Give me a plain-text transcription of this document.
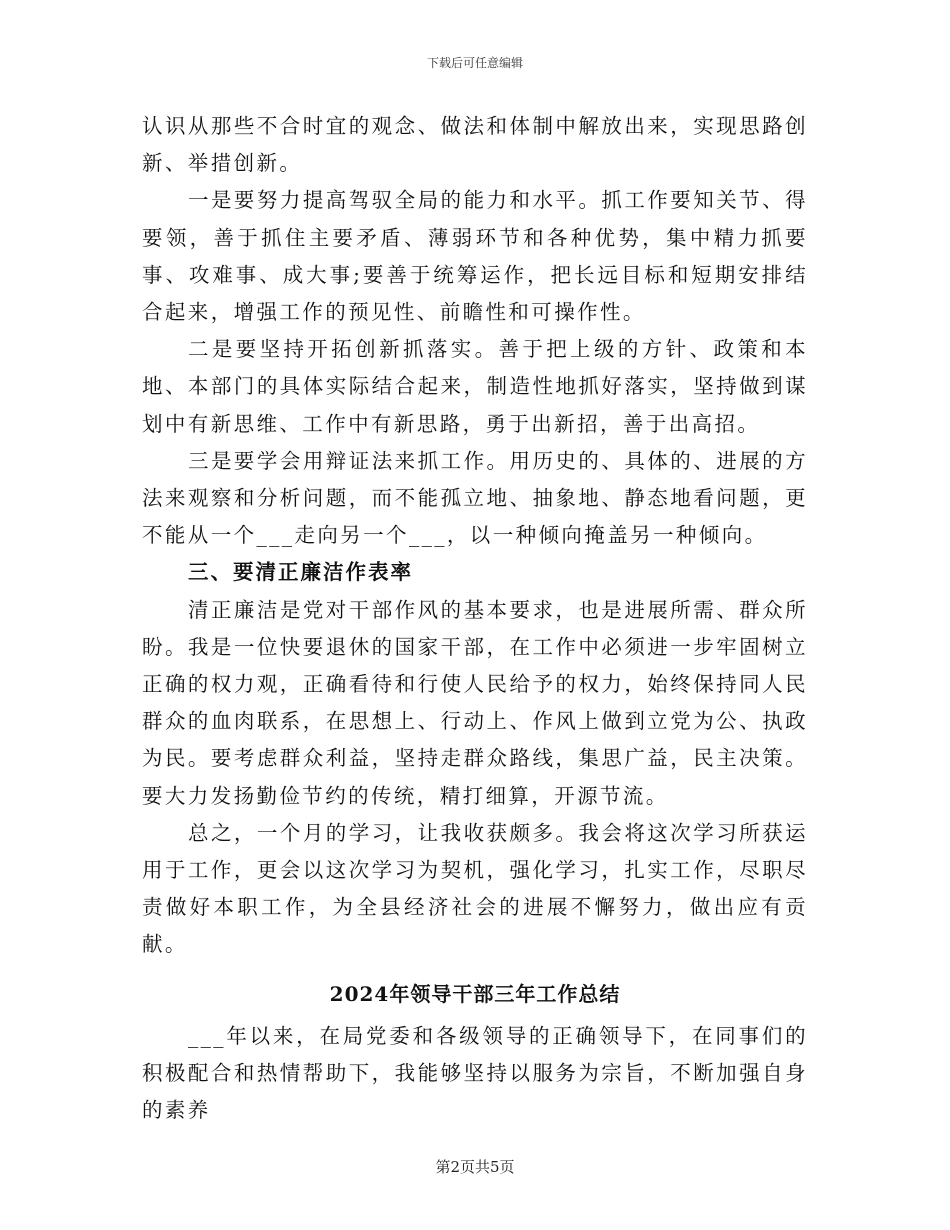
下载后可任意编辑

认识从那些不合时宜的观念、做法和体制中解放出来，实现思路创新、举措创新。

一是要努力提高驾驭全局的能力和水平。抓工作要知关节、得要领，善于抓住主要矛盾、薄弱环节和各种优势，集中精力抓要事、攻难事、成大事;要善于统筹运作，把长远目标和短期安排结合起来，增强工作的预见性、前瞻性和可操作性。

二是要坚持开拓创新抓落实。善于把上级的方针、政策和本地、本部门的具体实际结合起来，制造性地抓好落实，坚持做到谋划中有新思维、工作中有新思路，勇于出新招，善于出高招。

三是要学会用辩证法来抓工作。用历史的、具体的、进展的方法来观察和分析问题，而不能孤立地、抽象地、静态地看问题，更不能从一个___走向另一个___，以一种倾向掩盖另一种倾向。

三、要清正廉洁作表率

清正廉洁是党对干部作风的基本要求，也是进展所需、群众所盼。我是一位快要退休的国家干部，在工作中必须进一步牢固树立正确的权力观，正确看待和行使人民给予的权力，始终保持同人民群众的血肉联系，在思想上、行动上、作风上做到立党为公、执政为民。要考虑群众利益，坚持走群众路线，集思广益，民主决策。要大力发扬勤俭节约的传统，精打细算，开源节流。

总之，一个月的学习，让我收获颇多。我会将这次学习所获运用于工作，更会以这次学习为契机，强化学习，扎实工作，尽职尽责做好本职工作，为全县经济社会的进展不懈努力，做出应有贡献。

2024年领导干部三年工作总结

___年以来，在局党委和各级领导的正确领导下，在同事们的积极配合和热情帮助下，我能够坚持以服务为宗旨，不断加强自身的素养

第2页共5页
